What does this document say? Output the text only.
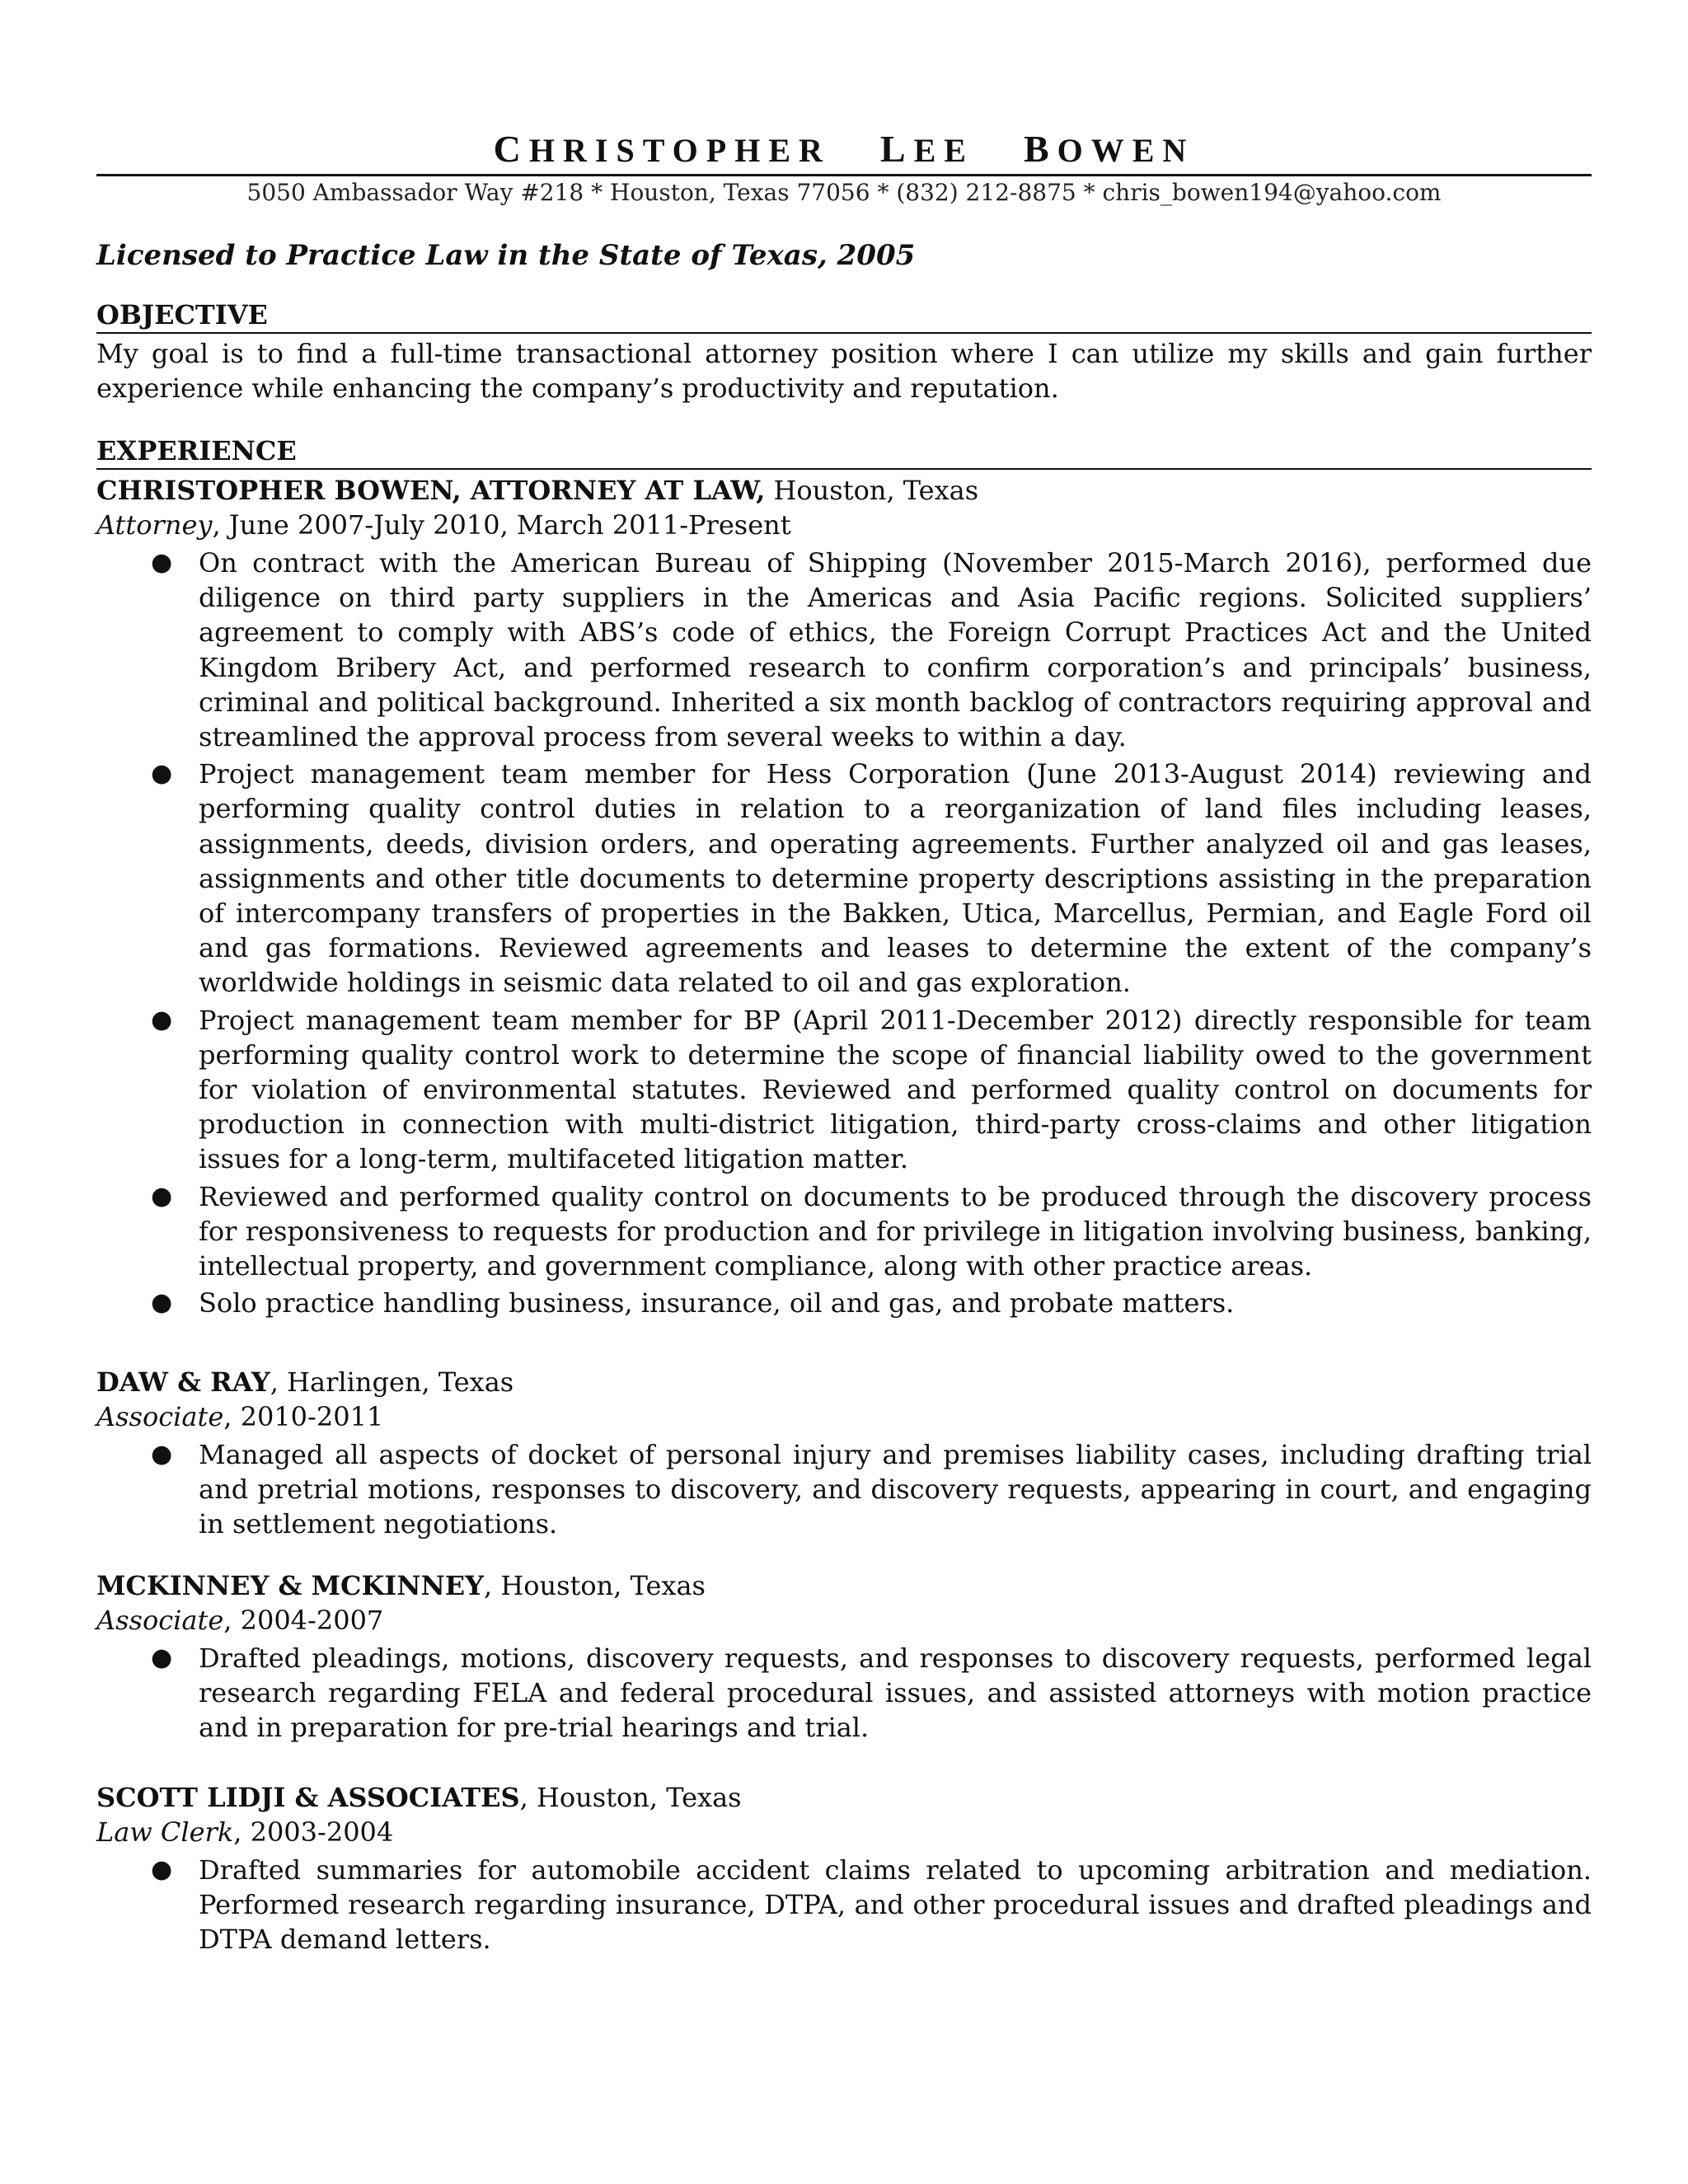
CHRISTOPHER LEE BOWEN
5050 Ambassador Way #218 * Houston, Texas 77056 * (832) 212-8875 * chris_bowen194@yahoo.com
Licensed to Practice Law in the State of Texas, 2005
OBJECTIVE
My goal is to find a full-time transactional attorney position where I can utilize my skills and gain further experience while enhancing the company’s productivity and reputation.
EXPERIENCE
CHRISTOPHER BOWEN, ATTORNEY AT LAW, Houston, Texas
Attorney, June 2007-July 2010, March 2011-Present
● On contract with the American Bureau of Shipping (November 2015-March 2016), performed due diligence on third party suppliers in the Americas and Asia Pacific regions. Solicited suppliers’ agreement to comply with ABS’s code of ethics, the Foreign Corrupt Practices Act and the United Kingdom Bribery Act, and performed research to confirm corporation’s and principals’ business, criminal and political background. Inherited a six month backlog of contractors requiring approval and streamlined the approval process from several weeks to within a day.
● Project management team member for Hess Corporation (June 2013-August 2014) reviewing and performing quality control duties in relation to a reorganization of land files including leases, assignments, deeds, division orders, and operating agreements. Further analyzed oil and gas leases, assignments and other title documents to determine property descriptions assisting in the preparation of intercompany transfers of properties in the Bakken, Utica, Marcellus, Permian, and Eagle Ford oil and gas formations. Reviewed agreements and leases to determine the extent of the company’s worldwide holdings in seismic data related to oil and gas exploration.
● Project management team member for BP (April 2011-December 2012) directly responsible for team performing quality control work to determine the scope of financial liability owed to the government for violation of environmental statutes. Reviewed and performed quality control on documents for production in connection with multi-district litigation, third-party cross-claims and other litigation issues for a long-term, multifaceted litigation matter.
● Reviewed and performed quality control on documents to be produced through the discovery process for responsiveness to requests for production and for privilege in litigation involving business, banking, intellectual property, and government compliance, along with other practice areas.
● Solo practice handling business, insurance, oil and gas, and probate matters.
DAW & RAY, Harlingen, Texas
Associate, 2010-2011
● Managed all aspects of docket of personal injury and premises liability cases, including drafting trial and pretrial motions, responses to discovery, and discovery requests, appearing in court, and engaging in settlement negotiations.
MCKINNEY & MCKINNEY, Houston, Texas
Associate, 2004-2007
● Drafted pleadings, motions, discovery requests, and responses to discovery requests, performed legal research regarding FELA and federal procedural issues, and assisted attorneys with motion practice and in preparation for pre-trial hearings and trial.
SCOTT LIDJI & ASSOCIATES, Houston, Texas
Law Clerk, 2003-2004
● Drafted summaries for automobile accident claims related to upcoming arbitration and mediation. Performed research regarding insurance, DTPA, and other procedural issues and drafted pleadings and DTPA demand letters.
